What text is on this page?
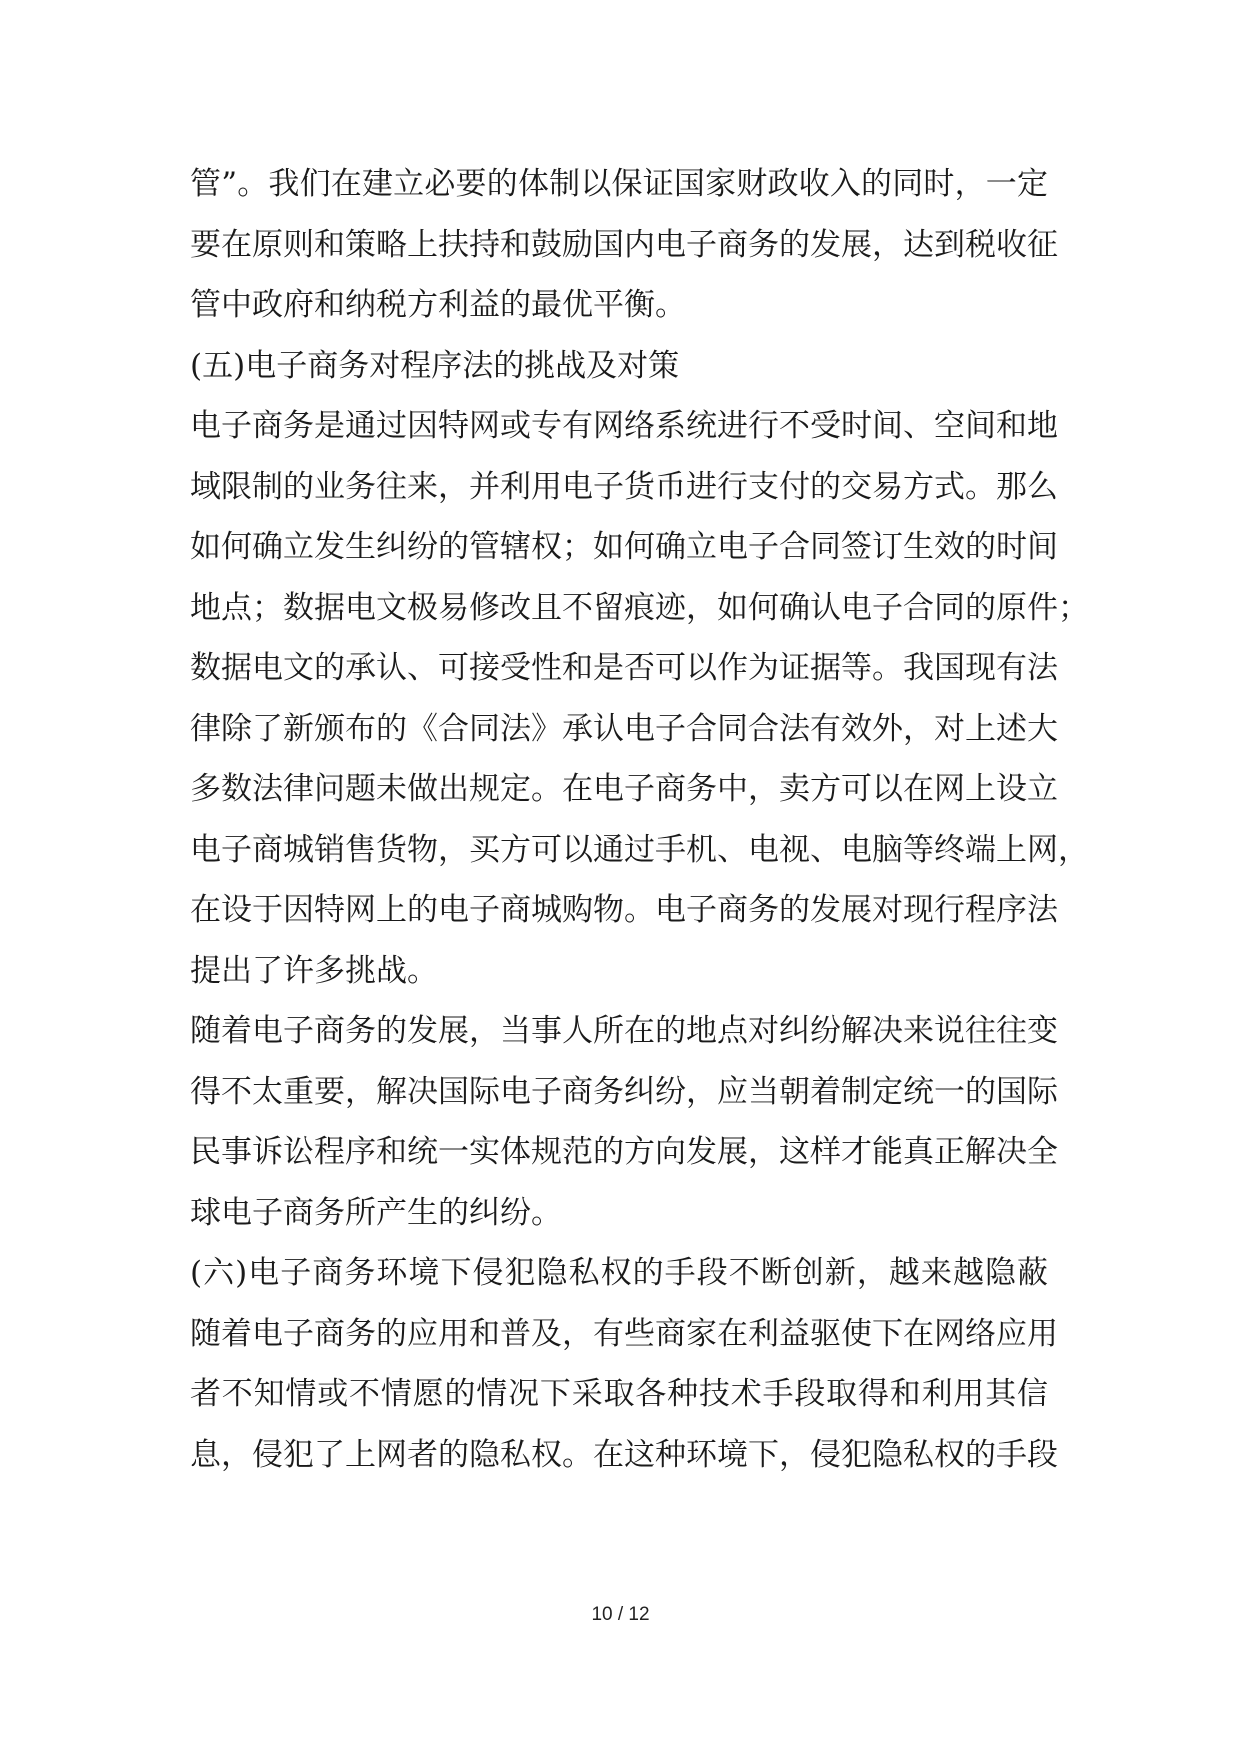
管”。我们在建立必要的体制以保证国家财政收入的同时，一定
要在原则和策略上扶持和鼓励国内电子商务的发展，达到税收征
管中政府和纳税方利益的最优平衡。
(五)电子商务对程序法的挑战及对策
电子商务是通过因特网或专有网络系统进行不受时间、空间和地
域限制的业务往来，并利用电子货币进行支付的交易方式。那么
如何确立发生纠纷的管辖权；如何确立电子合同签订生效的时间
地点；数据电文极易修改且不留痕迹，如何确认电子合同的原件；
数据电文的承认、可接受性和是否可以作为证据等。我国现有法
律除了新颁布的《合同法》承认电子合同合法有效外，对上述大
多数法律问题未做出规定。在电子商务中，卖方可以在网上设立
电子商城销售货物，买方可以通过手机、电视、电脑等终端上网，
在设于因特网上的电子商城购物。电子商务的发展对现行程序法
提出了许多挑战。
随着电子商务的发展，当事人所在的地点对纠纷解决来说往往变
得不太重要，解决国际电子商务纠纷，应当朝着制定统一的国际
民事诉讼程序和统一实体规范的方向发展，这样才能真正解决全
球电子商务所产生的纠纷。
(六)电子商务环境下侵犯隐私权的手段不断创新，越来越隐蔽
随着电子商务的应用和普及，有些商家在利益驱使下在网络应用
者不知情或不情愿的情况下采取各种技术手段取得和利用其信
息，侵犯了上网者的隐私权。在这种环境下，侵犯隐私权的手段
10 / 12
